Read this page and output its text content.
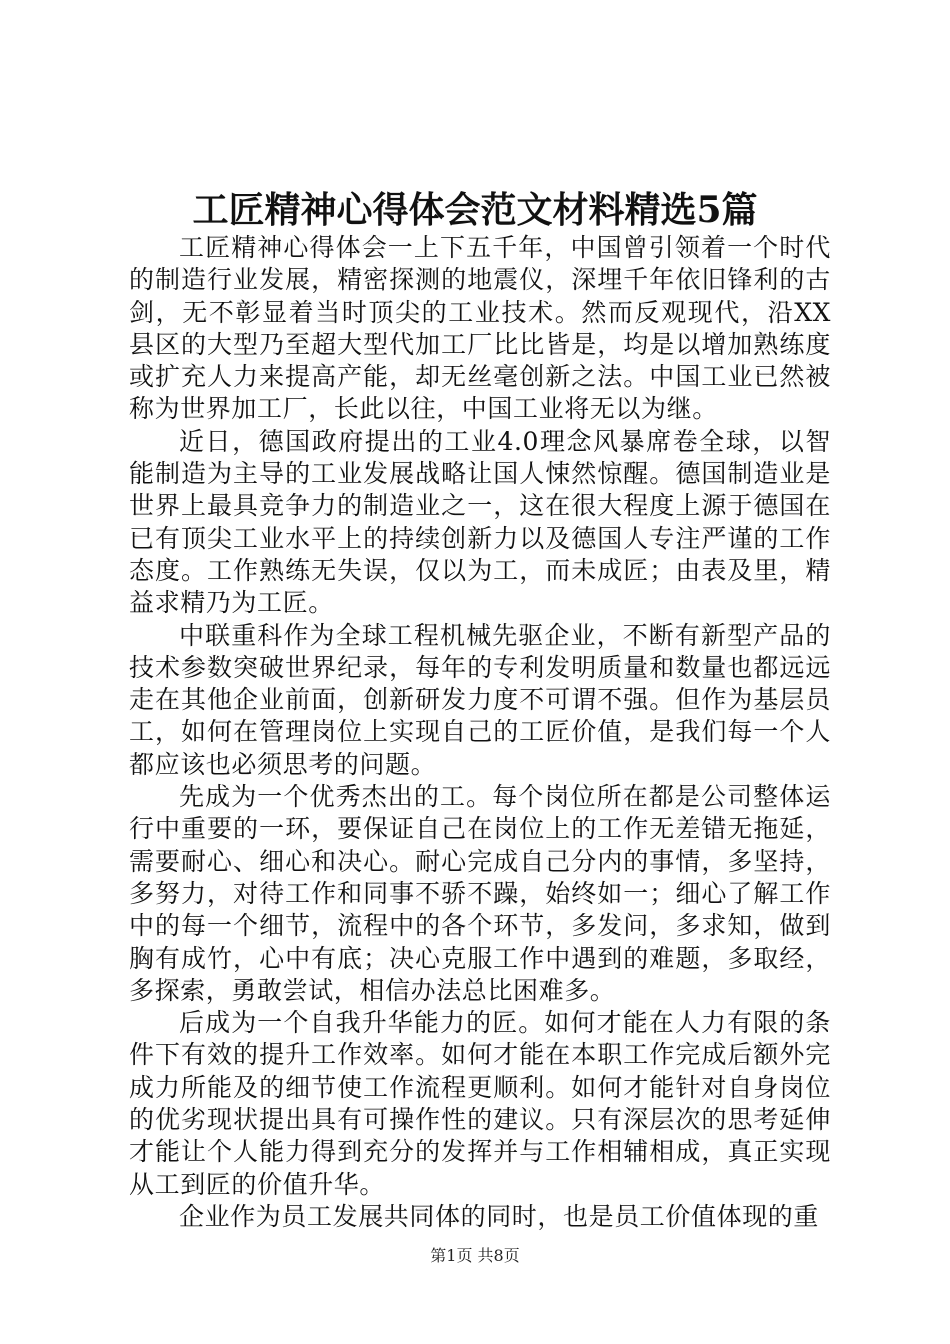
工匠精神心得体会范文材料精选5篇

工匠精神心得体会一上下五千年，中国曾引领着一个时代的制造行业发展，精密探测的地震仪，深埋千年依旧锋利的古剑，无不彰显着当时顶尖的工业技术。然而反观现代，沿XX县区的大型乃至超大型代加工厂比比皆是，均是以增加熟练度或扩充人力来提高产能，却无丝毫创新之法。中国工业已然被称为世界加工厂，长此以往，中国工业将无以为继。

近日，德国政府提出的工业4.0理念风暴席卷全球，以智能制造为主导的工业发展战略让国人悚然惊醒。德国制造业是世界上最具竞争力的制造业之一，这在很大程度上源于德国在已有顶尖工业水平上的持续创新力以及德国人专注严谨的工作态度。工作熟练无失误，仅以为工，而未成匠；由表及里，精益求精乃为工匠。

中联重科作为全球工程机械先驱企业，不断有新型产品的技术参数突破世界纪录，每年的专利发明质量和数量也都远远走在其他企业前面，创新研发力度不可谓不强。但作为基层员工，如何在管理岗位上实现自己的工匠价值，是我们每一个人都应该也必须思考的问题。

先成为一个优秀杰出的工。每个岗位所在都是公司整体运行中重要的一环，要保证自己在岗位上的工作无差错无拖延，需要耐心、细心和决心。耐心完成自己分内的事情，多坚持，多努力，对待工作和同事不骄不躁，始终如一；细心了解工作中的每一个细节，流程中的各个环节，多发问，多求知，做到胸有成竹，心中有底；决心克服工作中遇到的难题，多取经，多探索，勇敢尝试，相信办法总比困难多。

后成为一个自我升华能力的匠。如何才能在人力有限的条件下有效的提升工作效率。如何才能在本职工作完成后额外完成力所能及的细节使工作流程更顺利。如何才能针对自身岗位的优劣现状提出具有可操作性的建议。只有深层次的思考延伸才能让个人能力得到充分的发挥并与工作相辅相成，真正实现从工到匠的价值升华。

企业作为员工发展共同体的同时，也是员工价值体现的重

第1页 共8页
